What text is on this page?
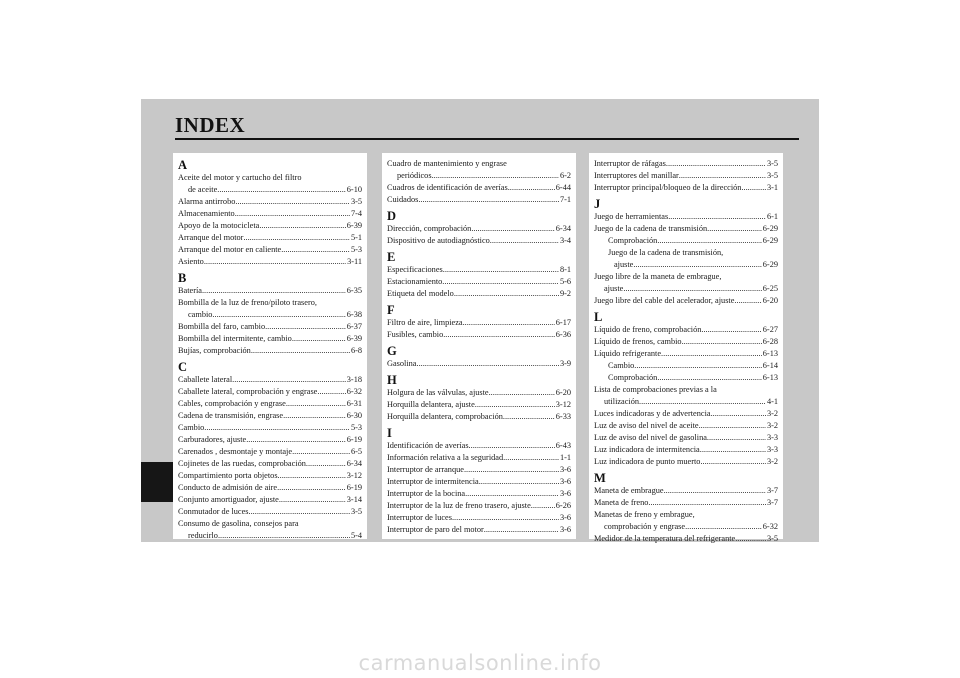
INDEX
A
Aceite del motor y cartucho del filtro
de aceite .....	6-10
Alarma antirrobo .....	3-5
Almacenamiento .....	7-4
Apoyo de la motocicleta .....	6-39
Arranque del motor .....	5-1
Arranque del motor en caliente .....	5-3
Asiento .....	3-11
B
Batería .....	6-35
Bombilla de la luz de freno/piloto trasero,
cambio .....	6-38
Bombilla del faro, cambio .....	6-37
Bombilla del intermitente, cambio .....	6-39
Bujías, comprobación .....	6-8
C
Caballete lateral .....	3-18
Caballete lateral, comprobación y engrase .....	6-32
Cables, comprobación y engrase .....	6-31
Cadena de transmisión, engrase .....	6-30
Cambio .....	5-3
Carburadores, ajuste .....	6-19
Carenados , desmontaje y montaje .....	6-5
Cojinetes de las ruedas, comprobación .....	6-34
Compartimiento porta objetos .....	3-12
Conducto de admisión de aire .....	6-19
Conjunto amortiguador, ajuste .....	3-14
Conmutador de luces .....	3-5
Consumo de gasolina, consejos para
reducirlo .....	5-4
Cuadro de mantenimiento y engrase
periódicos .....	6-2
Cuadros de identificación de averías .....	6-44
Cuidados .....	7-1
D
Dirección, comprobación .....	6-34
Dispositivo de autodiagnóstico .....	3-4
E
Especificaciones .....	8-1
Estacionamiento .....	5-6
Etiqueta del modelo .....	9-2
F
Filtro de aire, limpieza .....	6-17
Fusibles, cambio .....	6-36
G
Gasolina .....	3-9
H
Holgura de las válvulas, ajuste .....	6-20
Horquilla delantera, ajuste .....	3-12
Horquilla delantera, comprobación .....	6-33
I
Identificación de averías .....	6-43
Información relativa a la seguridad .....	1-1
Interruptor de arranque .....	3-6
Interruptor de intermitencia .....	3-6
Interruptor de la bocina .....	3-6
Interruptor de la luz de freno trasero, ajuste .....	6-26
Interruptor de luces .....	3-6
Interruptor de paro del motor .....	3-6
Interruptor de ráfagas .....	3-5
Interruptores del manillar .....	3-5
Interruptor principal/bloqueo de la dirección .....	3-1
J
Juego de herramientas .....	6-1
Juego de la cadena de transmisión .....	6-29
Comprobación .....	6-29
Juego de la cadena de transmisión,
ajuste .....	6-29
Juego libre de la maneta de embrague,
ajuste .....	6-25
Juego libre del cable del acelerador, ajuste .....	6-20
L
Líquido de freno, comprobación .....	6-27
Líquido de frenos, cambio .....	6-28
Líquido refrigerante .....	6-13
Cambio .....	6-14
Comprobación .....	6-13
Lista de comprobaciones previas a la
utilización .....	4-1
Luces indicadoras y de advertencia .....	3-2
Luz de aviso del nivel de aceite .....	3-2
Luz de aviso del nivel de gasolina .....	3-3
Luz indicadora de intermitencia .....	3-3
Luz indicadora de punto muerto .....	3-2
M
Maneta de embrague .....	3-7
Maneta de freno .....	3-7
Manetas de freno y embrague,
comprobación y engrase .....	6-32
Medidor de la temperatura del refrigerante .....	3-5
carmanualsonline.info
